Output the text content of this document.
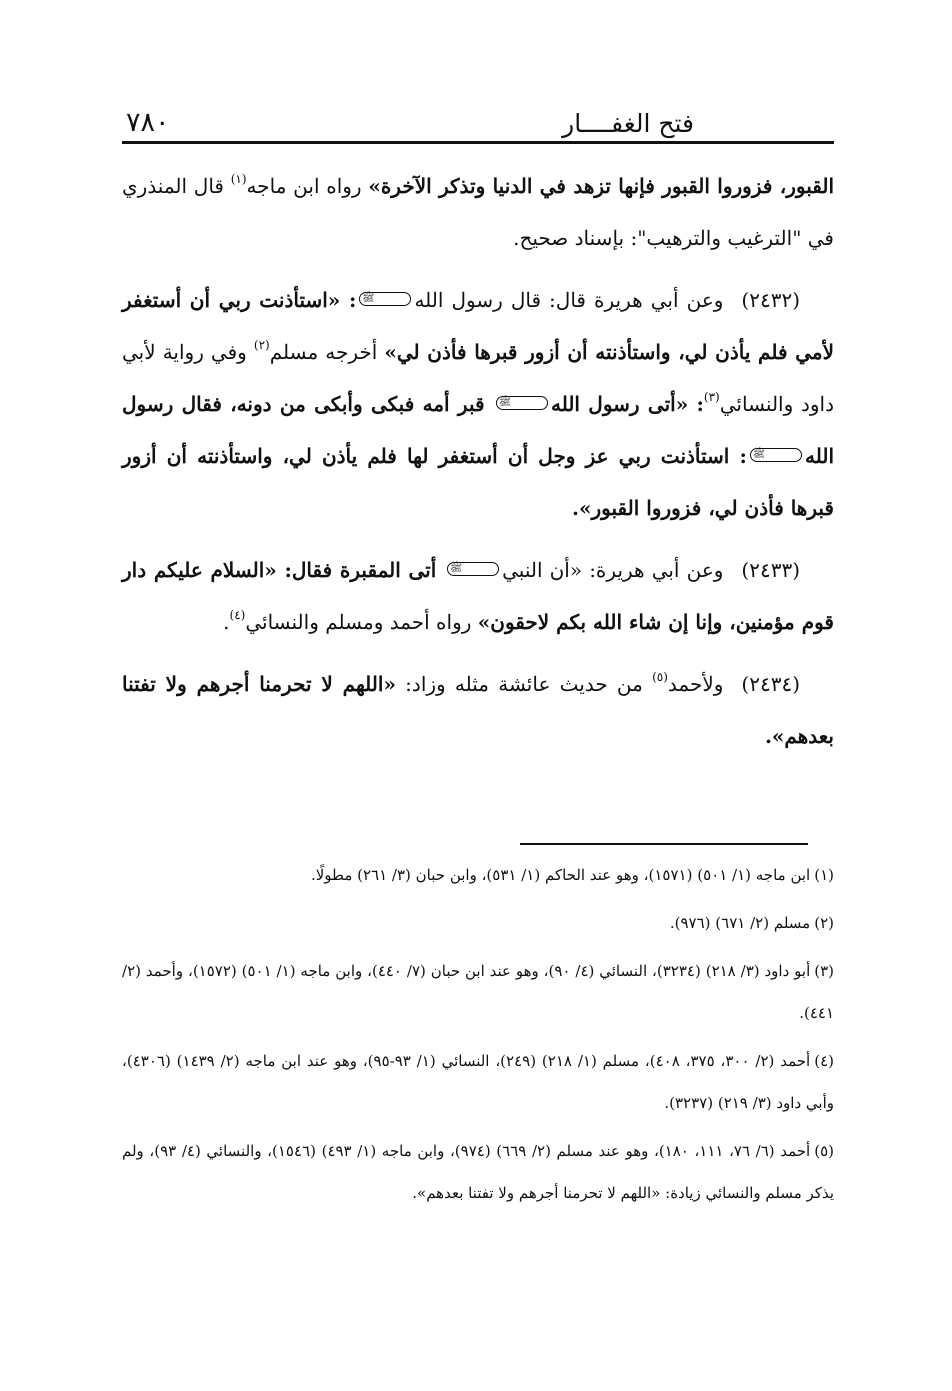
فتح الغفــــار
٧٨٠

القبور، فزوروا القبور فإنها تزهد في الدنيا وتذكر الآخرة» رواه ابن ماجه$^{(١)}$ قال المنذري في "الترغيب والترهيب": بإسناد صحيح.

(٢٤٣٢)وعن أبي هريرة قال: قال رسول اللهﷺ: «استأذنت ربي أن أستغفر لأمي فلم يأذن لي، واستأذنته أن أزور قبرها فأذن لي» أخرجه مسلم$^{(٢)}$ وفي رواية لأبي داود والنسائي$^{(٣)}$: «أتى رسول اللهﷺ قبر أمه فبكى وأبكى من دونه، فقال رسول اللهﷺ: استأذنت ربي عز وجل أن أستغفر لها فلم يأذن لي، واستأذنته أن أزور قبرها فأذن لي، فزوروا القبور».

(٢٤٣٣)وعن أبي هريرة: «أن النبيﷺ أتى المقبرة فقال: «السلام عليكم دار قوم مؤمنين، وإنا إن شاء الله بكم لاحقون» رواه أحمد ومسلم والنسائي$^{(٤)}$.

(٢٤٣٤)ولأحمد$^{(٥)}$ من حديث عائشة مثله وزاد: «اللهم لا تحرمنا أجرهم ولا تفتنا بعدهم».

(١)ابن ماجه (١/ ٥٠١) (١٥٧١)، وهو عند الحاكم (١/ ٥٣١)، وابن حبان (٣/ ٢٦١) مطولًا.

(٢)مسلم (٢/ ٦٧١) (٩٧٦).

(٣)أبو داود (٣/ ٢١٨) (٣٢٣٤)، النسائي (٤/ ٩٠)، وهو عند ابن حبان (٧/ ٤٤٠)، وابن ماجه (١/ ٥٠١) (١٥٧٢)، وأحمد (٢/ ٤٤١).

(٤)أحمد (٢/ ٣٠٠، ٣٧٥، ٤٠٨)، مسلم (١/ ٢١٨) (٢٤٩)، النسائي (١/ ٩٣-٩٥)، وهو عند ابن ماجه (٢/ ١٤٣٩) (٤٣٠٦)، وأبي داود (٣/ ٢١٩) (٣٢٣٧).

(٥)أحمد (٦/ ٧٦، ١١١، ١٨٠)، وهو عند مسلم (٢/ ٦٦٩) (٩٧٤)، وابن ماجه (١/ ٤٩٣) (١٥٤٦)، والنسائي (٤/ ٩٣)، ولم يذكر مسلم والنسائي زيادة: «اللهم لا تحرمنا أجرهم ولا تفتنا بعدهم».
